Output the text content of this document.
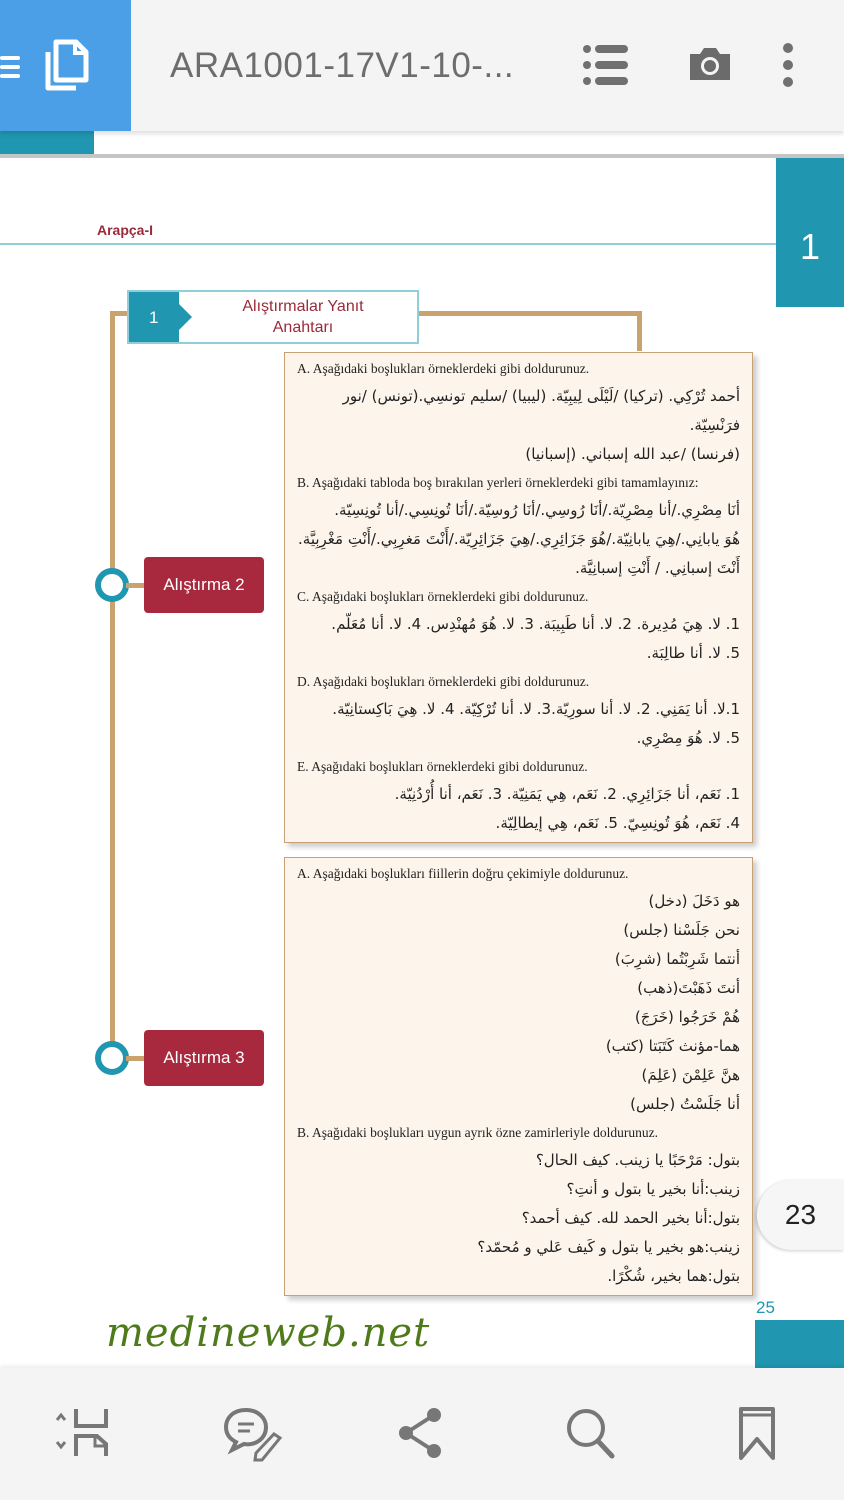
ARA1001-17V1-10-...
1
Arapça-I
1
Alıştırmalar Yanıt
Anahtarı
Alıştırma 2
Alıştırma 3
A. Aşağıdaki boşlukları örneklerdeki gibi doldurunuz.
أحمد تُرْكِي. (تركيا) /لَيْلَى لِيبِيّة. (ليبيا) /سليم تونسِي.(تونس) /نور فرَنْسِيّة.
(فرنسا) /عبد الله إسباني. (إسبانيا)
B. Aşağıdaki tabloda boş bırakılan yerleri örneklerdeki gibi tamamlayınız:
أنَا مِصْرِي./أنا مِصْرِيّة./أنَا رُوسِي./أنَا رُوسِيّة./أنَا تُونِسِي./أنا تُونِسِيّة.
هُوَ يابانِي./هِيَ يابانِيّة./هُوَ جَزَائِرِي./هِيَ جَزَائِرِيّة./أَنْتَ مَغرِبِي./أَنْتِ مَغْرِبِيَّة.
أَنْتَ إسبانِي. / أَنْتِ إسبانِيَّة.
C. Aşağıdaki boşlukları örneklerdeki gibi doldurunuz.
1. لا. هِيَ مُدِيرة. 2. لا. أنا طَبِيبَة. 3. لا. هُوَ مُهنْدِس. 4. لا. أنا مُعَلّم.
5. لا. أنا طالِبَة.
D. Aşağıdaki boşlukları örneklerdeki gibi doldurunuz.
1.لا. أنا يَمَنِي. 2. لا. أنا سورِيّة.3. لا. أنا تُرْكِيّة. 4. لا. هِيَ بَاكِستانِيّة.
5. لا. هُوَ مِصْرِي.
E. Aşağıdaki boşlukları örneklerdeki gibi doldurunuz.
1. نَعَم، أنا جَزَائِرِي. 2. نَعَم، هِي يَمَنِيّة. 3. نَعَم، أنا أُرْدُنِيّة.
4. نَعَم، هُوَ تُونِسِيّ. 5. نَعَم، هِي إيطالِيّة.
A. Aşağıdaki boşlukları fiillerin doğru çekimiyle doldurunuz.
هو دَخَلَ (دخل)
نحن جَلَسْنا (جلس)
أنتما شَرِبْتُما (شرِبَ)
أنتَ ذَهَبْتَ(ذهب)
هُمْ خَرَجُوا (خَرَجَ)
هما-مؤنث كَتَبَتا (كتب)
هنَّ عَلِمْنَ (عَلِمَ)
أنا جَلَسْتُ (جلس)
B. Aşağıdaki boşlukları uygun ayrık özne zamirleriyle doldurunuz.
بتول: مَرْحَبًا يا زينب. كيف الحال؟
زينب:أنا بخير يا بتول و أنتِ؟
بتول:أنا بخير الحمد لله. كيف أحمد؟
زينب:هو بخير يا بتول و كَيف عَلي و مُحمّد؟
بتول:هما بخير، شُكْرًا.
23
25
medineweb.net
